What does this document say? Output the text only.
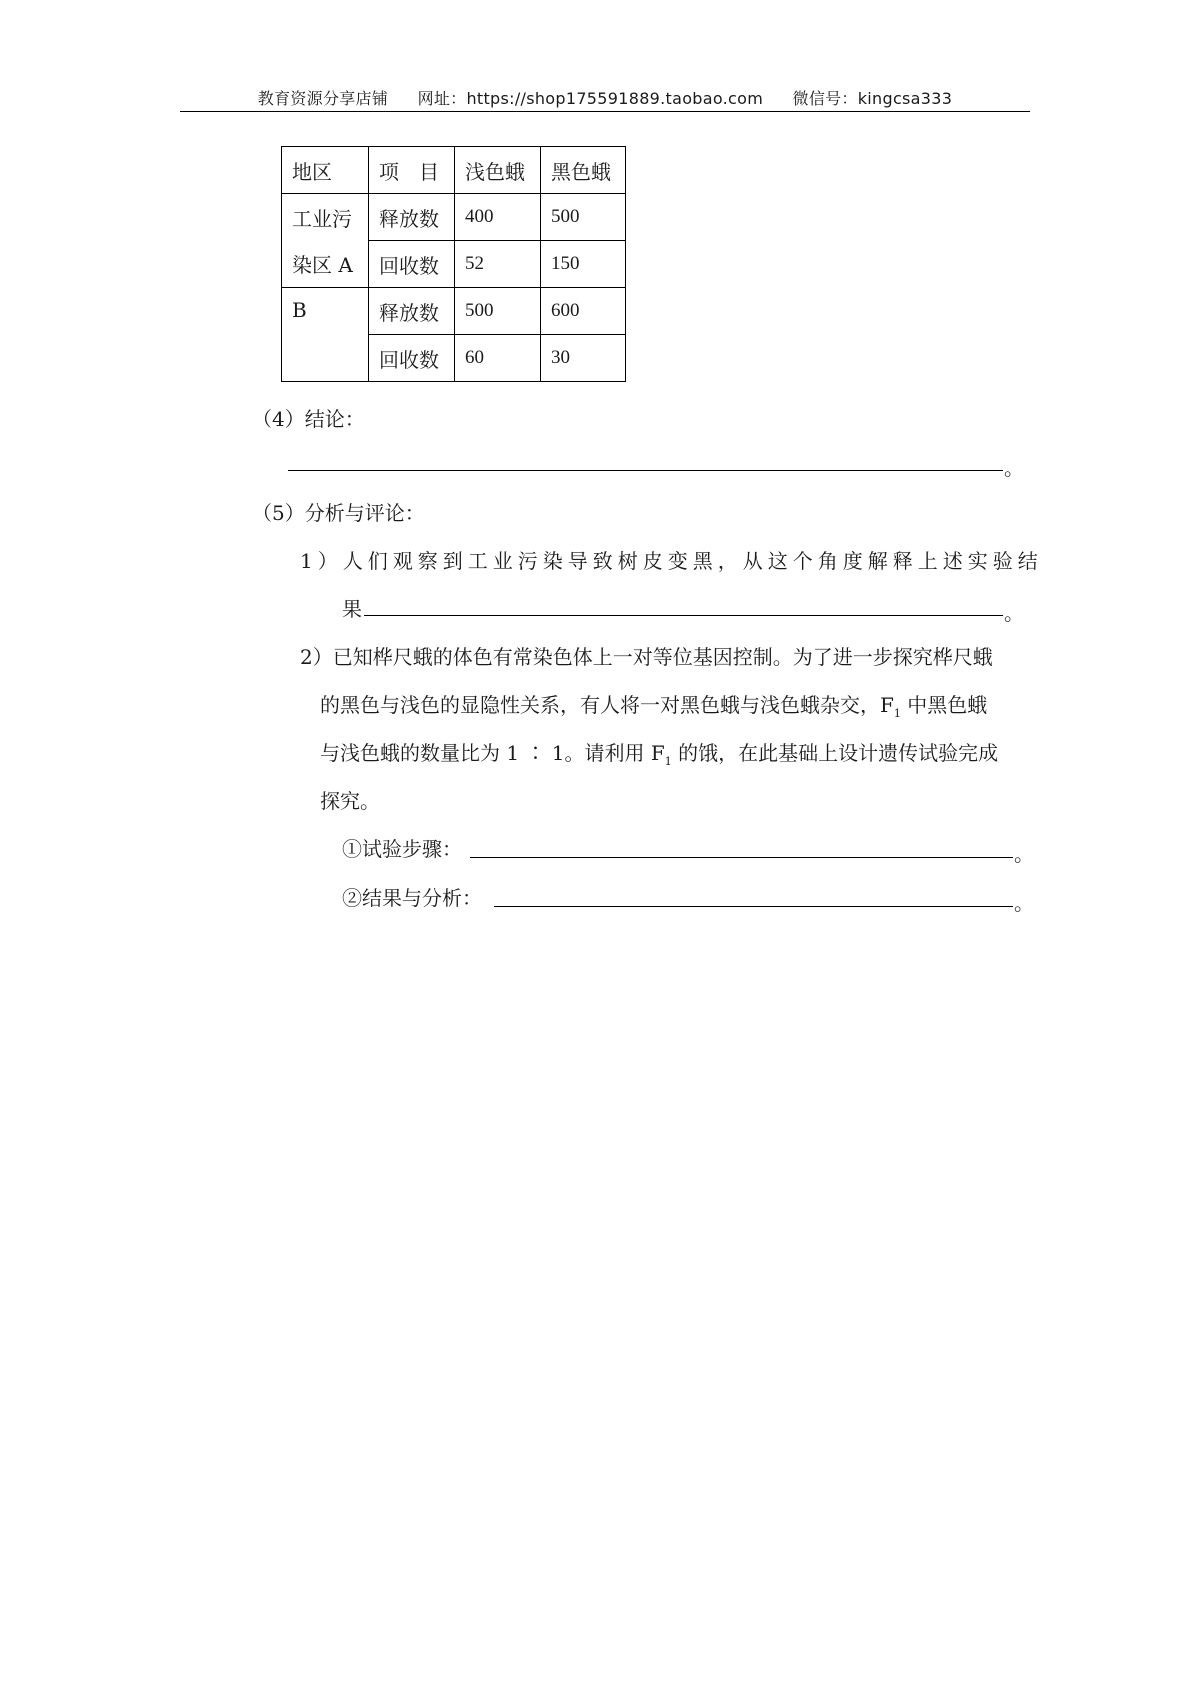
教育资源分享店铺 网址：https://shop175591889.taobao.com 微信号：kingcsa333
地区	项　目	浅色蛾	黑色蛾
工业污	释放数	400	500
染区 A	回收数	52	150
B	释放数	500	600
	回收数	60	30
（4）结论：
。
（5）分析与评论：
1）人们观察到工业污染导致树皮变黑，从这个角度解释上述实验结
果	。
2）已知桦尺蛾的体色有常染色体上一对等位基因控制。为了进一步探究桦尺蛾
的黑色与浅色的显隐性关系，有人将一对黑色蛾与浅色蛾杂交，$F_1$ 中黑色蛾
与浅色蛾的数量比为 1 ∶ 1。请利用 $F_1$ 的饿，在此基础上设计遗传试验完成
探究。
①试验步骤：	。
②结果与分析：	。
